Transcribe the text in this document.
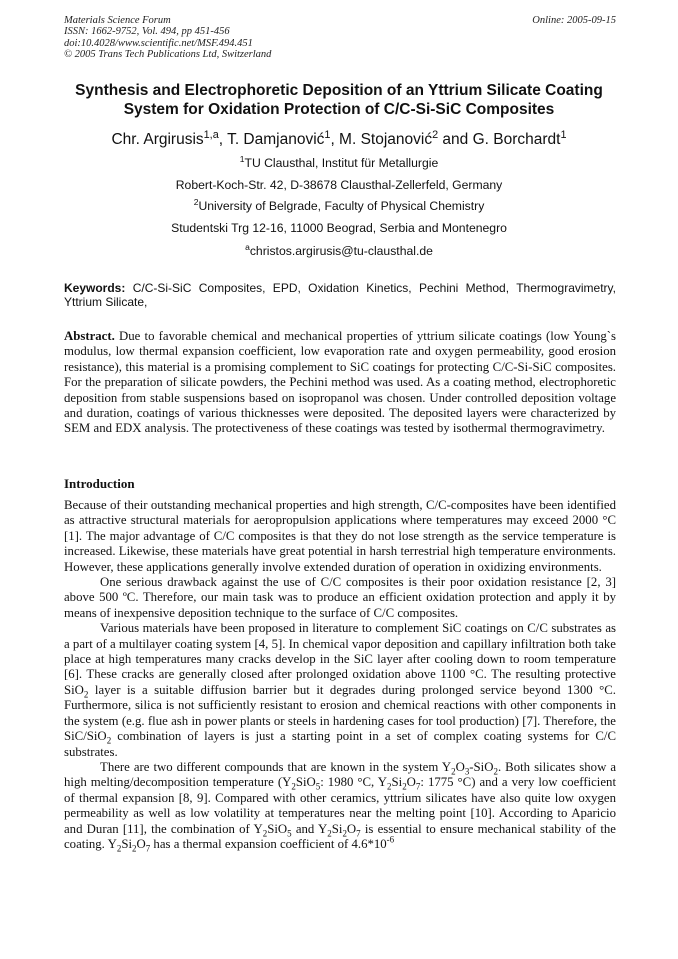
Materials Science Forum
ISSN: 1662-9752, Vol. 494, pp 451-456
doi:10.4028/www.scientific.net/MSF.494.451
© 2005 Trans Tech Publications Ltd, Switzerland
Online: 2005-09-15
Synthesis and Electrophoretic Deposition of an Yttrium Silicate Coating
System for Oxidation Protection of C/C-Si-SiC Composites
Chr. Argirusis$^{1,a}$, T. Damjanović$^1$, M. Stojanović$^2$ and G. Borchardt$^1$
$^1$TU Clausthal, Institut für Metallurgie
Robert-Koch-Str. 42, D-38678 Clausthal-Zellerfeld, Germany
$^2$University of Belgrade, Faculty of Physical Chemistry
Studentski Trg 12-16, 11000 Beograd, Serbia and Montenegro
$^a$christos.argirusis@tu-clausthal.de
Keywords: C/C-Si-SiC Composites, EPD, Oxidation Kinetics, Pechini Method, Thermogravimetry, Yttrium Silicate,
Abstract. Due to favorable chemical and mechanical properties of yttrium silicate coatings (low Young`s modulus, low thermal expansion coefficient, low evaporation rate and oxygen permeability, good erosion resistance), this material is a promising complement to SiC coatings for protecting C/C-Si-SiC composites. For the preparation of silicate powders, the Pechini method was used. As a coating method, electrophoretic deposition from stable suspensions based on isopropanol was chosen. Under controlled deposition voltage and duration, coatings of various thicknesses were deposited. The deposited layers were characterized by SEM and EDX analysis. The protectiveness of these coatings was tested by isothermal thermogravimetry.
Introduction

Because of their outstanding mechanical properties and high strength, C/C-composites have been identified as attractive structural materials for aeropropulsion applications where temperatures may exceed 2000 °C [1]. The major advantage of C/C composites is that they do not lose strength as the service temperature is increased. Likewise, these materials have great potential in harsh terrestrial high temperature environments. However, these applications generally involve extended duration of operation in oxidizing environments.

One serious drawback against the use of C/C composites is their poor oxidation resistance [2, 3] above 500 ºC. Therefore, our main task was to produce an efficient oxidation protection and apply it by means of inexpensive deposition technique to the surface of C/C composites.

Various materials have been proposed in literature to complement SiC coatings on C/C substrates as a part of a multilayer coating system [4, 5]. In chemical vapor deposition and capillary infiltration both take place at high temperatures many cracks develop in the SiC layer after cooling down to room temperature [6]. These cracks are generally closed after prolonged oxidation above 1100 °C. The resulting protective SiO$_2$ layer is a suitable diffusion barrier but it degrades during prolonged service beyond 1300 °C. Furthermore, silica is not sufficiently resistant to erosion and chemical reactions with other components in the system (e.g. flue ash in power plants or steels in hardening cases for tool production) [7]. Therefore, the SiC/SiO$_2$ combination of layers is just a starting point in a set of complex coating systems for C/C substrates.

There are two different compounds that are known in the system $Y_2O_3-SiO_2$. Both silicates show a high melting/decomposition temperature ($Y_2SiO_5$: 1980 °C, $Y_2Si_2O_7$: 1775 °C) and a very low coefficient of thermal expansion [8, 9]. Compared with other ceramics, yttrium silicates have also quite low oxygen permeability as well as low volatility at temperatures near the melting point [10]. According to Aparicio and Duran [11], the combination of $Y_2SiO_5$ and $Y_2Si_2O_7$ is essential to ensure mechanical stability of the coating. $Y_2Si_2O_7$ has a thermal expansion coefficient of $4.6*10^{-6}$
